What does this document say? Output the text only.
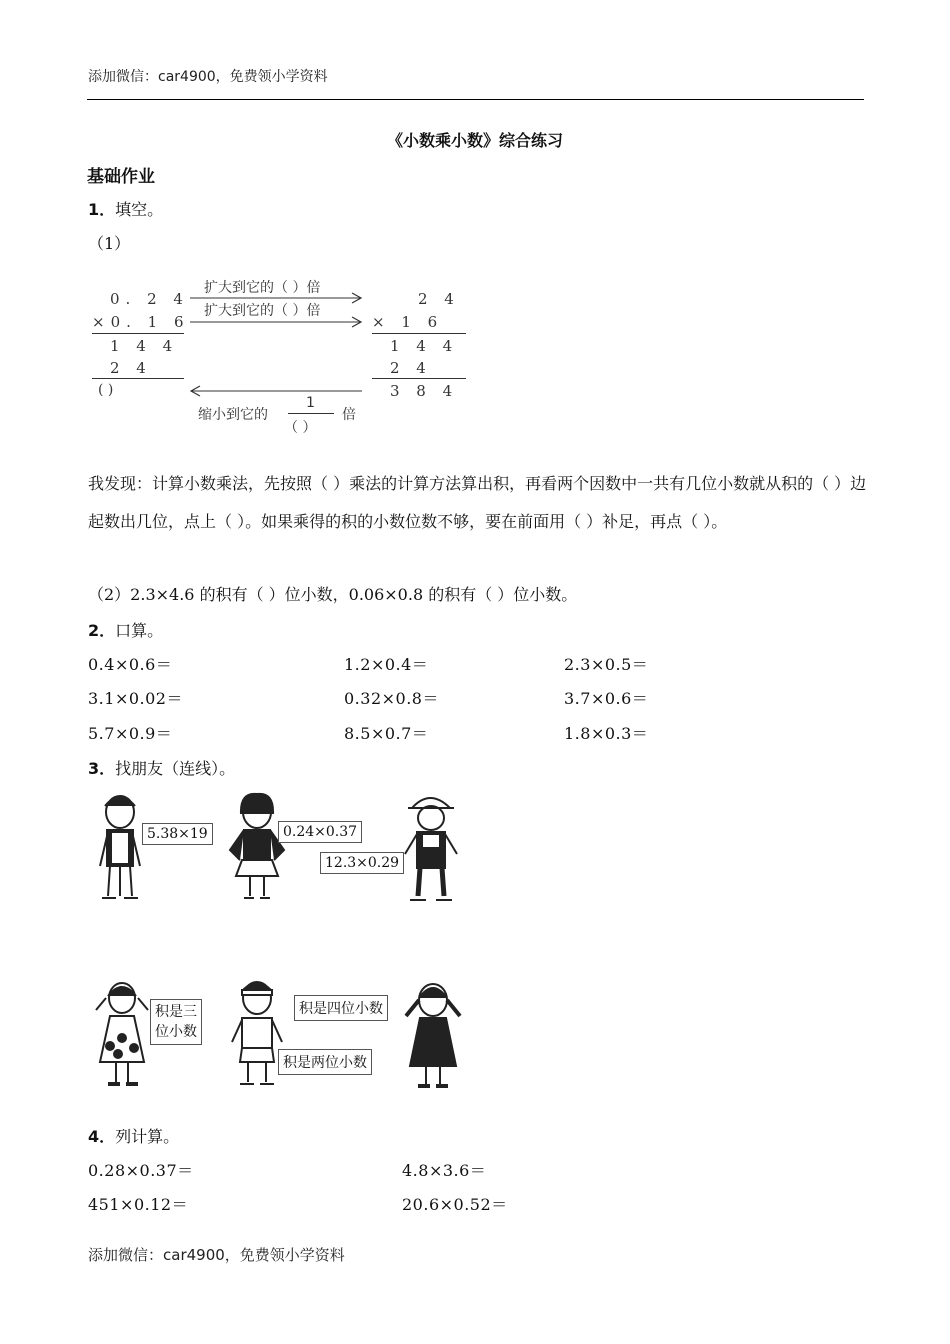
添加微信：car4900，免费领小学资料
《小数乘小数》综合练习
基础作业
1．填空。
（1）
0. 2 4
×0. 1 6
1 4 4
2 4
( )
2 4
× 1 6
1 4 4
2 4
3 8 4
扩大到它的（ ）倍
扩大到它的（ ）倍
缩小到它的
1
（ ）
倍
我发现：计算小数乘法，先按照（ ）乘法的计算方法算出积，再看两个因数中一共有几位小数就从积的（ ）边起数出几位，点上（ ）。如果乘得的积的小数位数不够，要在前面用（ ）补足，再点（ ）。
（2）2.3×4.6 的积有（ ）位小数，0.06×0.8 的积有（ ）位小数。
2．口算。
0.4×0.6＝	1.2×0.4＝	2.3×0.5＝
3.1×0.02＝	0.32×0.8＝	3.7×0.6＝
5.7×0.9＝	8.5×0.7＝	1.8×0.3＝
3．找朋友（连线）。
5.38×19	0.24×0.37
12.3×0.29
积是三
位小数
积是四位小数
积是两位小数
4．列计算。
0.28×0.37＝	4.8×3.6＝
451×0.12＝	20.6×0.52＝
添加微信：car4900，免费领小学资料
